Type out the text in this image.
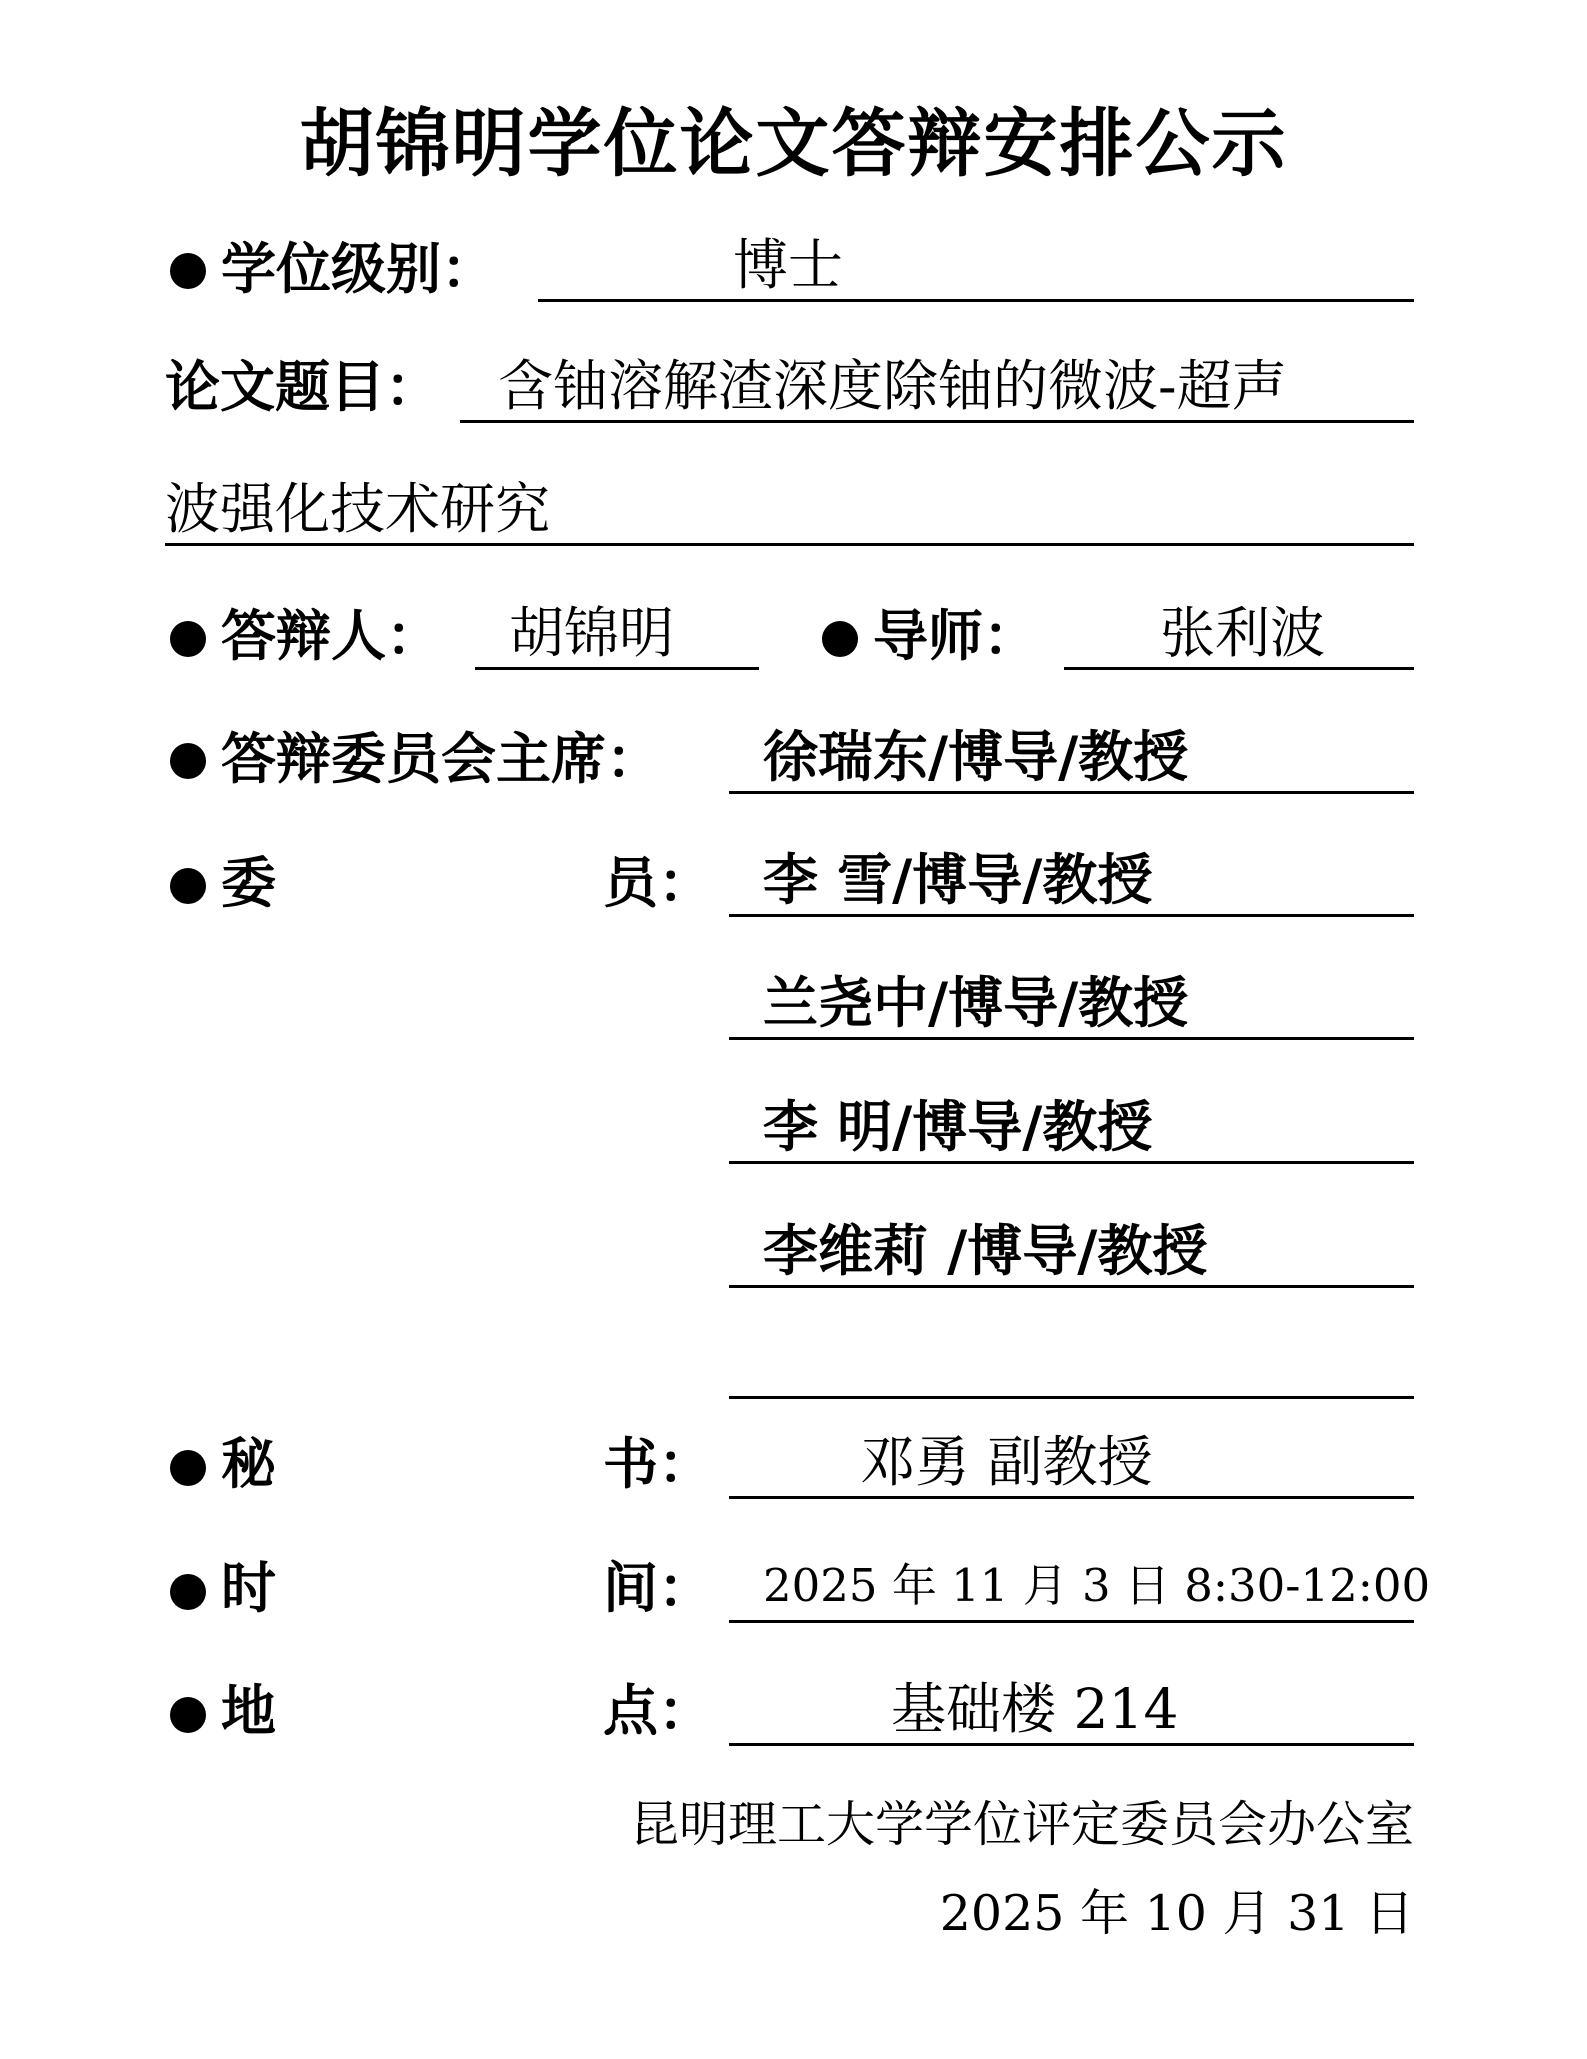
胡锦明学位论文答辩安排公示
学位级别：	博士
论文题目： 含铀溶解渣深度除铀的微波-超声
波强化技术研究
答辩人： 胡锦明	导师： 张利波
答辩委员会主席： 徐瑞东/博导/教授
委	员： 李 雪/博导/教授
兰尧中/博导/教授
李 明/博导/教授
李维莉 /博导/教授
秘	书：	邓勇 副教授
时	间： 2025 年 11 月 3 日 8:30-12:00
地	点：	基础楼 214
昆明理工大学学位评定委员会办公室
2025 年 10 月 31 日
